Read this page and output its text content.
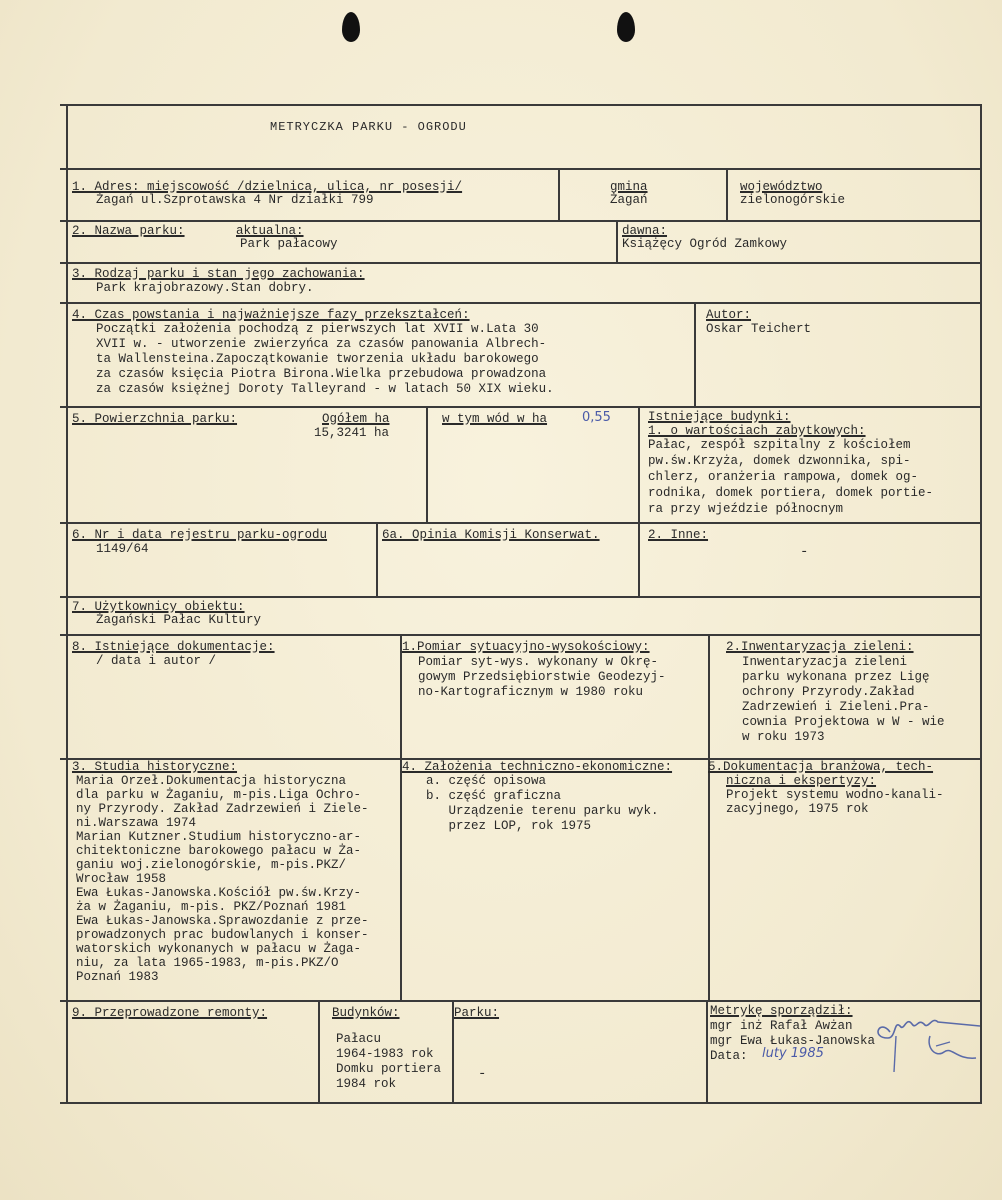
METRYCZKA PARKU - OGRODU
1. Adres: miejscowość /dzielnica, ulica, nr posesji/
Żagań ul.Szprotawska 4 Nr działki 799
gmina
Żagań
województwo
zielonogórskie
2. Nazwa parku:	aktualna:
Park pałacowy
dawna:
Książęcy Ogród Zamkowy
3. Rodzaj parku i stan jego zachowania:
Park krajobrazowy.Stan dobry.
4. Czas powstania i najważniejsze fazy przekształceń:
Początki założenia pochodzą z pierwszych lat XVII w.Lata 30
XVII w. - utworzenie zwierzyńca za czasów panowania Albrech-
ta Wallensteina.Zapoczątkowanie tworzenia układu barokowego
za czasów księcia Piotra Birona.Wielka przebudowa prowadzona
za czasów księżnej Doroty Talleyrand - w latach 50 XIX wieku.
Autor:
Oskar Teichert
5. Powierzchnia parku:	Ogółem ha
15,3241 ha
w tym wód w ha	0,55	Istniejące budynki:
1. o wartościach zabytkowych:
Pałac, zespół szpitalny z kościołem
pw.św.Krzyża, domek dzwonnika, spi-
chlerz, oranżeria rampowa, domek og-
rodnika, domek portiera, domek portie-
ra przy wjeździe północnym
6. Nr i data rejestru parku-ogrodu
1149/64
6a. Opinia Komisji Konserwat.	2. Inne:
-
7. Użytkownicy obiektu:
Żagański Pałac Kultury
8. Istniejące dokumentacje:
/ data i autor /
1.Pomiar sytuacyjno-wysokościowy:
Pomiar syt-wys. wykonany w Okrę-
gowym Przedsiębiorstwie Geodezyj-
no-Kartograficznym w 1980 roku
2.Inwentaryzacja zieleni:
Inwentaryzacja zieleni
parku wykonana przez Ligę
ochrony Przyrody.Zakład
Zadrzewień i Zieleni.Pra-
cownia Projektowa w W - wie
w roku 1973
3. Studia historyczne:
Maria Orzeł.Dokumentacja historyczna
dla parku w Żaganiu, m-pis.Liga Ochro-
ny Przyrody. Zakład Zadrzewień i Ziele-
ni.Warszawa 1974
Marian Kutzner.Studium historyczno-ar-
chitektoniczne barokowego pałacu w Ża-
ganiu woj.zielonogórskie, m-pis.PKZ/
Wrocław 1958
Ewa Łukas-Janowska.Kościół pw.św.Krzy-
ża w Żaganiu, m-pis. PKZ/Poznań 1981
Ewa Łukas-Janowska.Sprawozdanie z prze-
prowadzonych prac budowlanych i konser-
watorskich wykonanych w pałacu w Żaga-
niu, za lata 1965-1983, m-pis.PKZ/O
Poznań 1983
4. Założenia techniczno-ekonomiczne:
a. część opisowa
b. część graficzna
Urządzenie terenu parku wyk.
przez LOP, rok 1975
5.Dokumentacja branżowa, tech-
niczna i ekspertyzy:
Projekt systemu wodno-kanali-
zacyjnego, 1975 rok
9. Przeprowadzone remonty:	Budynków:
Pałacu
1964-1983 rok
Domku portiera
1984 rok
Parku:
-
Metrykę sporządził:
mgr inż Rafał Awżan
mgr Ewa Łukas-Janowska
Data: luty 1985
